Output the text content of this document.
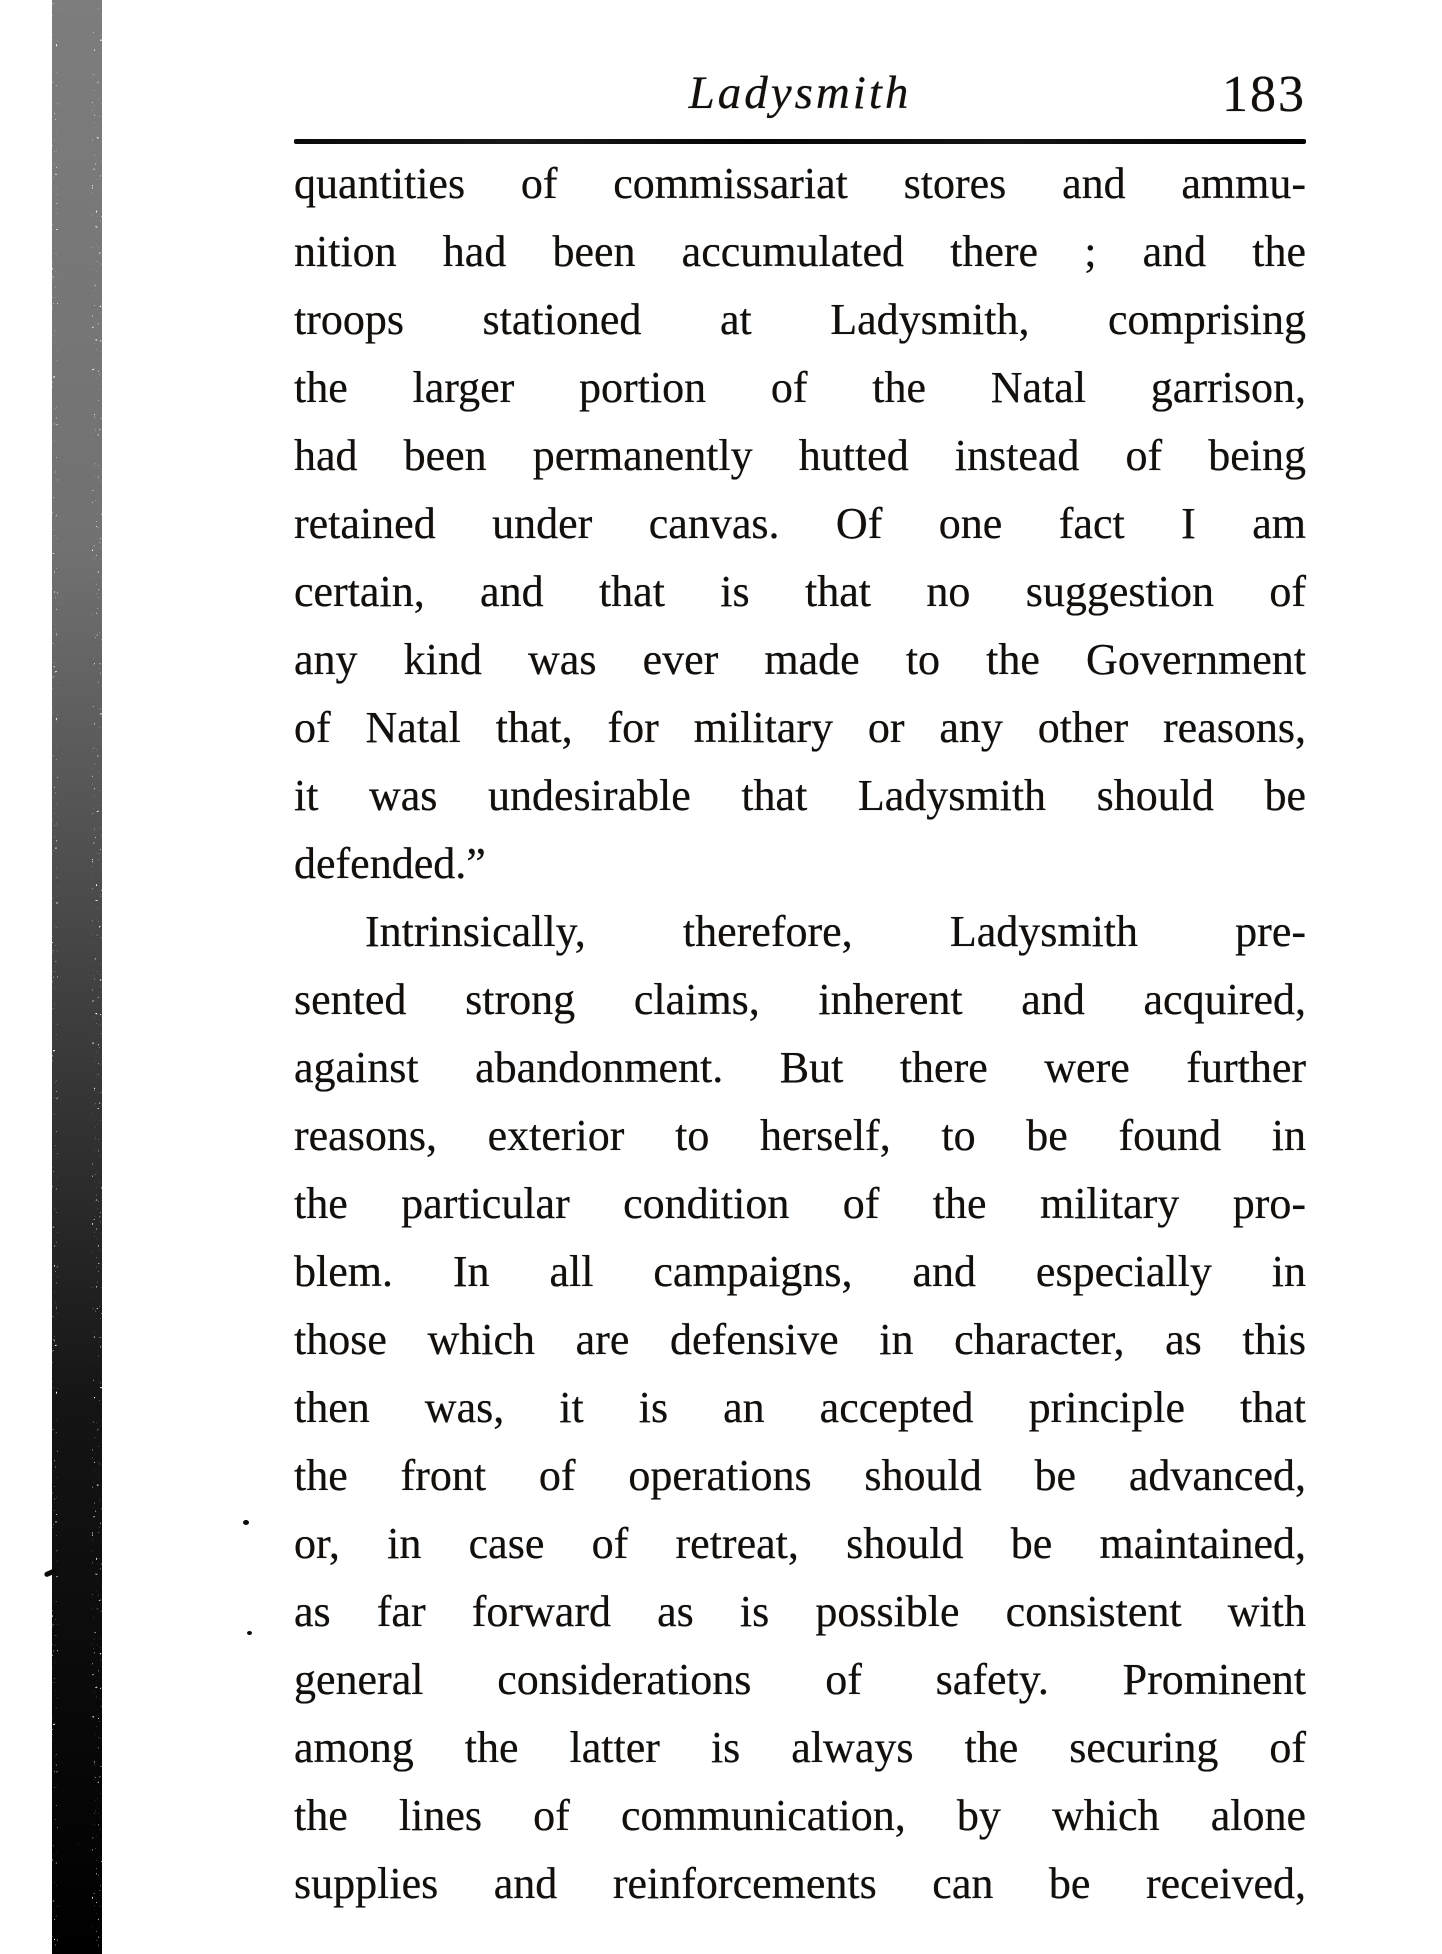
Ladysmith	183
quantities of commissariat stores and ammu-
nition had been accumulated there ; and the
troops stationed at Ladysmith, comprising
the larger portion of the Natal garrison,
had been permanently hutted instead of being
retained under canvas. Of one fact I am
certain, and that is that no suggestion of
any kind was ever made to the Government
of Natal that, for military or any other reasons,
it was undesirable that Ladysmith should be
defended.”
Intrinsically, therefore, Ladysmith pre-
sented strong claims, inherent and acquired,
against abandonment. But there were further
reasons, exterior to herself, to be found in
the particular condition of the military pro-
blem. In all campaigns, and especially in
those which are defensive in character, as this
then was, it is an accepted principle that
the front of operations should be advanced,
or, in case of retreat, should be maintained,
as far forward as is possible consistent with
general considerations of safety. Prominent
among the latter is always the securing of
the lines of communication, by which alone
supplies and reinforcements can be received,
